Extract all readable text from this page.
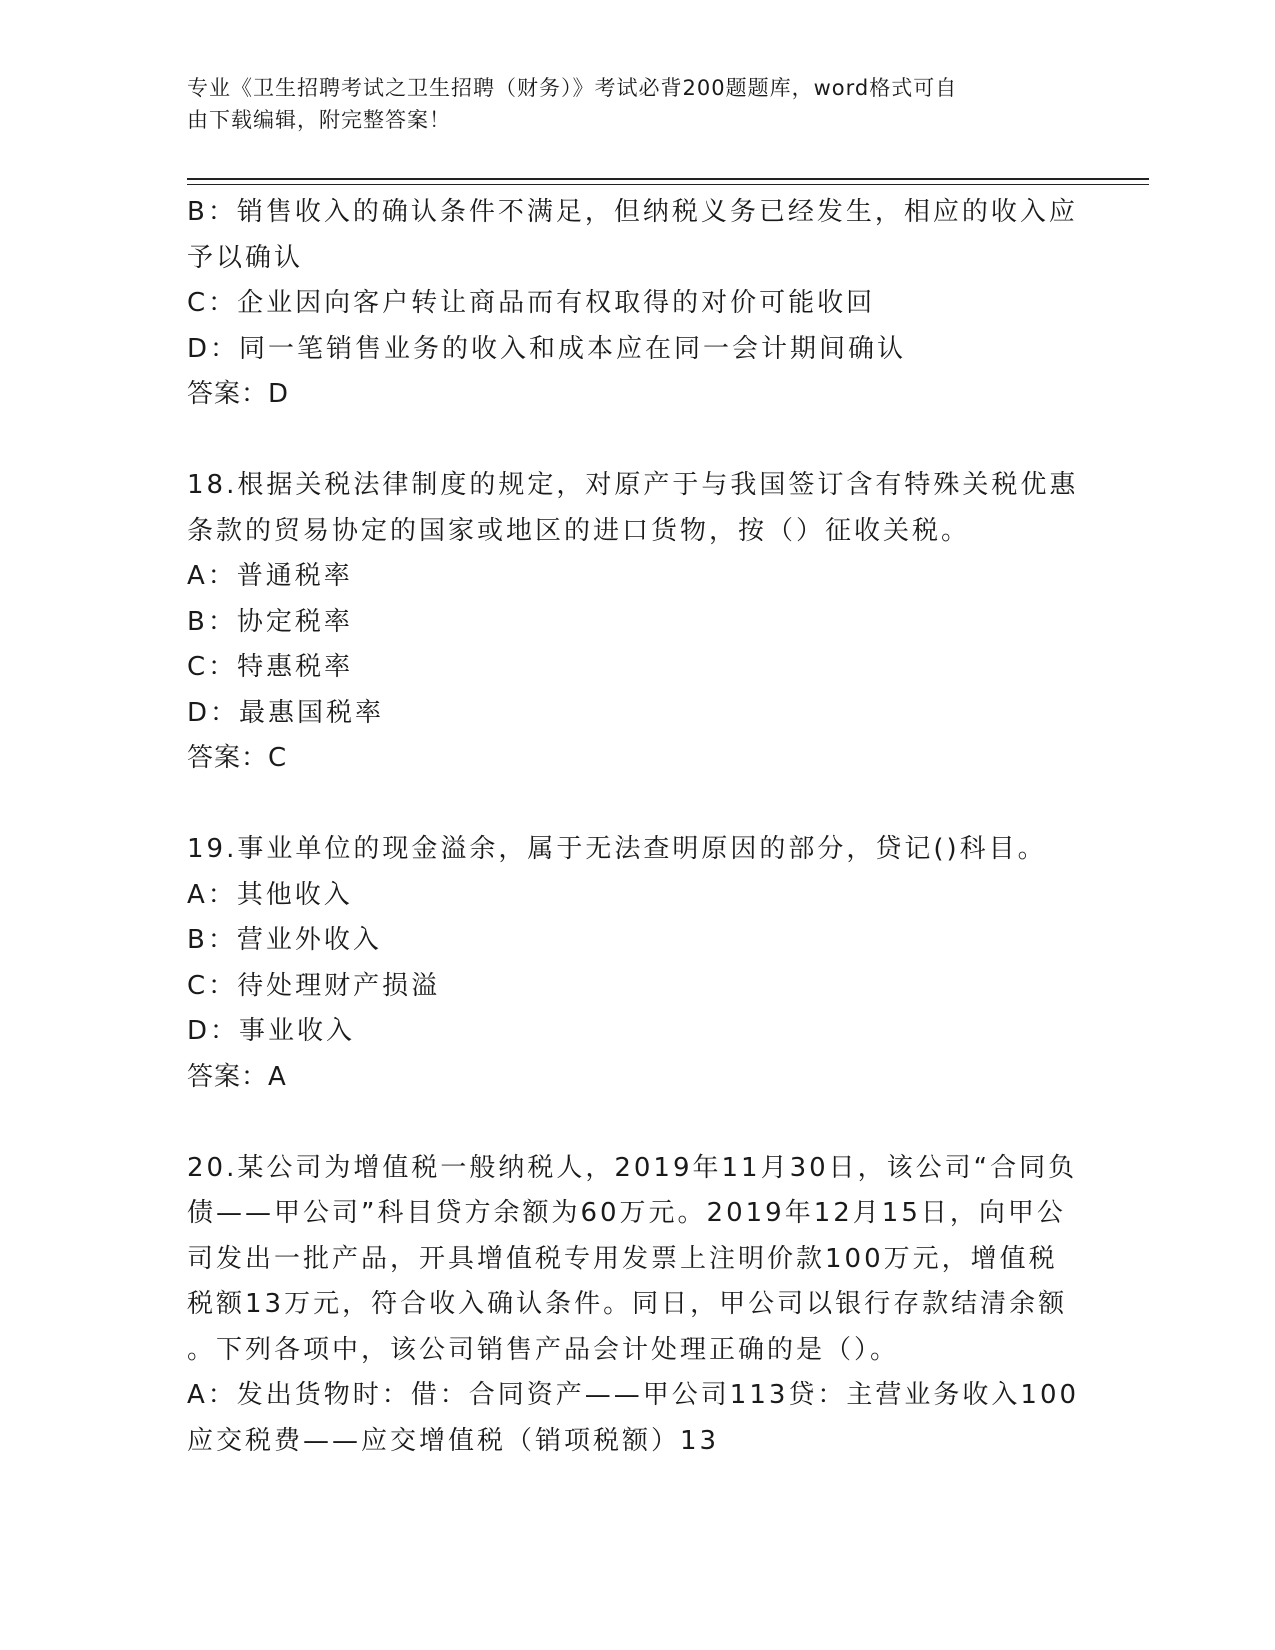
专业《卫生招聘考试之卫生招聘（财务）》考试必背200题题库，word格式可自
由下载编辑，附完整答案！
B：销售收入的确认条件不满足，但纳税义务已经发生，相应的收入应
予以确认
C：企业因向客户转让商品而有权取得的对价可能收回
D：同一笔销售业务的收入和成本应在同一会计期间确认
答案：D
18.根据关税法律制度的规定，对原产于与我国签订含有特殊关税优惠
条款的贸易协定的国家或地区的进口货物，按（）征收关税。
A：普通税率
B：协定税率
C：特惠税率
D：最惠国税率
答案：C
19.事业单位的现金溢余，属于无法查明原因的部分，贷记()科目。
A：其他收入
B：营业外收入
C：待处理财产损溢
D：事业收入
答案：A
20.某公司为增值税一般纳税人，2019年11月30日，该公司“合同负
债——甲公司”科目贷方余额为60万元。2019年12月15日，向甲公
司发出一批产品，开具增值税专用发票上注明价款100万元，增值税
税额13万元，符合收入确认条件。同日，甲公司以银行存款结清余额
。下列各项中，该公司销售产品会计处理正确的是（）。
A：发出货物时：借：合同资产——甲公司113贷：主营业务收入100
应交税费——应交增值税（销项税额）13
